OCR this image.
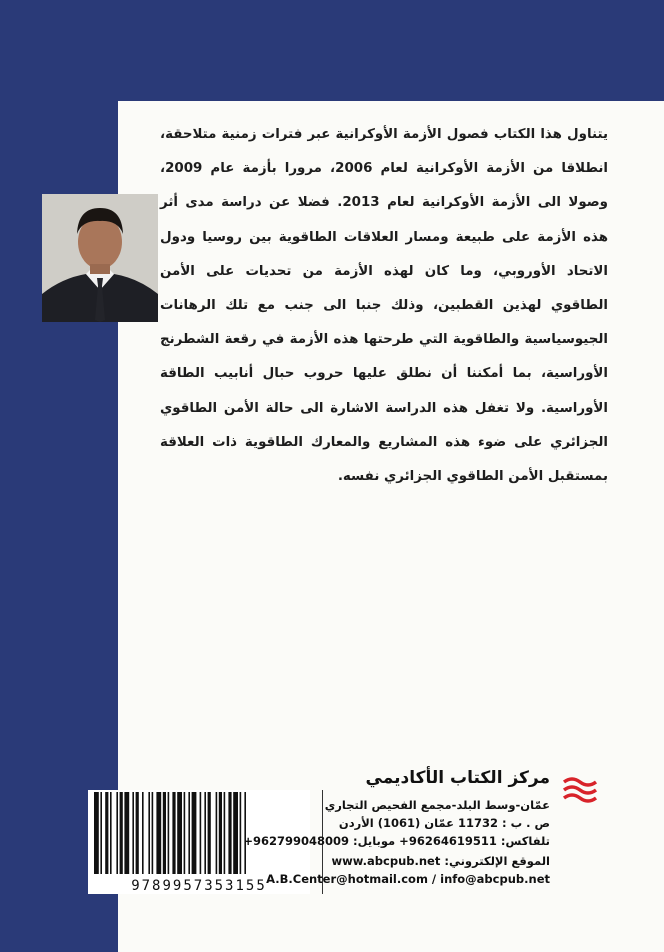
يتناول هذا الكتاب فصول الأزمة الأوكرانية عبر فترات زمنية متلاحقة، انطلاقا من الأزمة الأوكرانية لعام 2006، مرورا بأزمة عام 2009، وصولا الى الأزمة الأوكرانية لعام 2013. فضلا عن دراسة مدى أثر هذه الأزمة على طبيعة ومسار العلاقات الطاقوية بين روسيا ودول الاتحاد الأوروبي، وما كان لهذه الأزمة من تحديات على الأمن الطاقوي لهذين القطبين، وذلك جنبا الى جنب مع تلك الرهانات الجيوسياسية والطاقوية التي طرحتها هذه الأزمة في رقعة الشطرنج الأوراسية، بما أمكننا أن نطلق عليها حروب حبال أنابيب الطاقة الأوراسية. ولا تغفل هذه الدراسة الاشارة الى حالة الأمن الطاقوي الجزائري على ضوء هذه المشاريع والمعارك الطاقوية ذات العلاقة بمستقبل الأمن الطاقوي الجزائري نفسه.

9789957353155
مركز الكتاب الأكاديمي
عمّان-وسط البلد-مجمع الفحيص التجاري
ص . ب : 11732 عمّان (1061) الأردن
تلفاكس: 96264619511+ موبايل: 962799048009+
الموقع الإلكتروني: www.abcpub.net
A.B.Center@hotmail.com / info@abcpub.net
